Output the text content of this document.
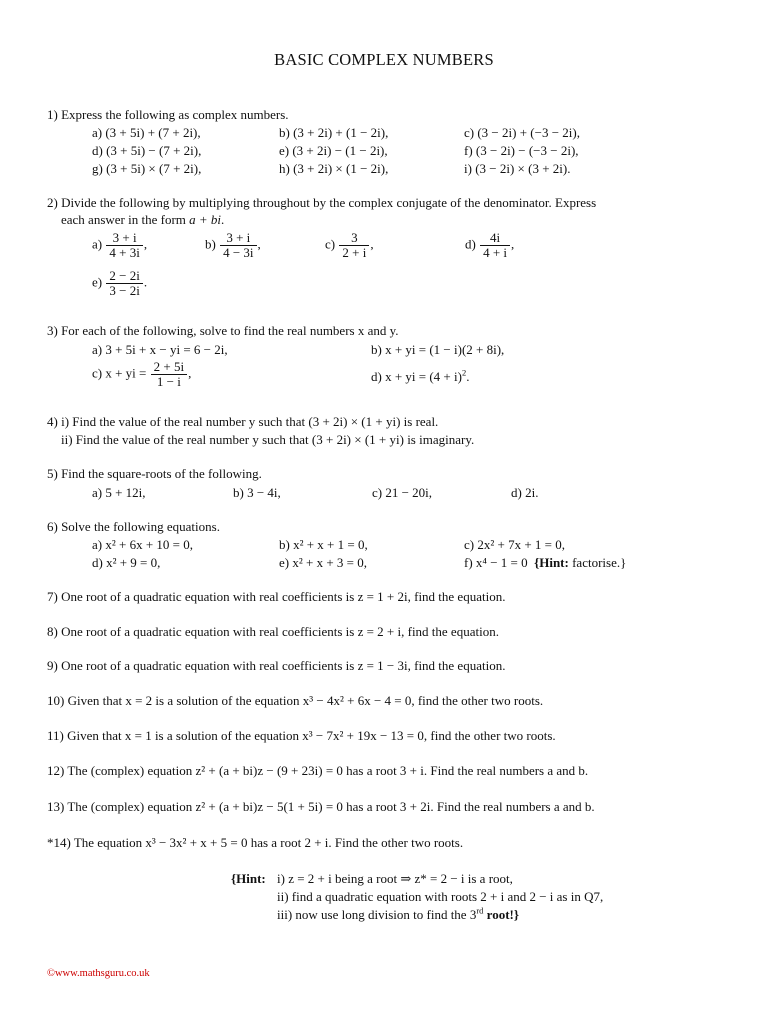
BASIC COMPLEX NUMBERS
1) Express the following as complex numbers.
a) (3 + 5i) + (7 + 2i),	b) (3 + 2i) + (1 − 2i),	c) (3 − 2i) + (−3 − 2i),
d) (3 + 5i) − (7 + 2i),	e) (3 + 2i) − (1 − 2i),	f) (3 − 2i) − (−3 − 2i),
g) (3 + 5i) × (7 + 2i),	h) (3 + 2i) × (1 − 2i),	i) (3 − 2i) × (3 + 2i).
2) Divide the following by multiplying throughout by the complex conjugate of the denominator. Express
each answer in the form a + bi.
$a) \frac{3 + i}{4 + 3i}$ ,	$b) \frac{3 + i}{4 - 3i}$ ,	$c) \frac{3}{2 + i}$ ,	$d) \frac{4i}{4 + i}$ ,
$e) \frac{2 - 2i}{3 - 2i}$ .
3) For each of the following, solve to find the real numbers x and y.
a) 3 + 5i + x − yi = 6 − 2i,	b) x + yi = (1 − i)(2 + 8i),
c) x + yi = $\frac{2 + 5i}{1 - i}$ ,	d) x + yi = $(4 + i)^2$.
4) i) Find the value of the real number y such that (3 + 2i) × (1 + yi) is real.
ii) Find the value of the real number y such that (3 + 2i) × (1 + yi) is imaginary.
5) Find the square-roots of the following.
a) 5 + 12i,	b) 3 − 4i,	c) 21 − 20i,	d) 2i.
6) Solve the following equations.
a) x² + 6x + 10 = 0,	b) x² + x + 1 = 0,	c) 2x² + 7x + 1 = 0,
d) x² + 9 = 0,	e) x² + x + 3 = 0,	f) x⁴ − 1 = 0 {Hint: factorise.}
7) One root of a quadratic equation with real coefficients is z = 1 + 2i, find the equation.
8) One root of a quadratic equation with real coefficients is z = 2 + i, find the equation.
9) One root of a quadratic equation with real coefficients is z = 1 − 3i, find the equation.
10) Given that x = 2 is a solution of the equation x³ − 4x² + 6x − 4 = 0, find the other two roots.
11) Given that x = 1 is a solution of the equation x³ − 7x² + 19x − 13 = 0, find the other two roots.
12) The (complex) equation z² + (a + bi)z − (9 + 23i) = 0 has a root 3 + i. Find the real numbers a and b.
13) The (complex) equation z² + (a + bi)z − 5(1 + 5i) = 0 has a root 3 + 2i. Find the real numbers a and b.
*14) The equation x³ − 3x² + x + 5 = 0 has a root 2 + i. Find the other two roots.
{Hint: i) z = 2 + i being a root ⇒ z* = 2 − i is a root,
ii) find a quadratic equation with roots 2 + i and 2 − i as in Q7,
iii) now use long division to find the 3rd root!}
©www.mathsguru.co.uk
